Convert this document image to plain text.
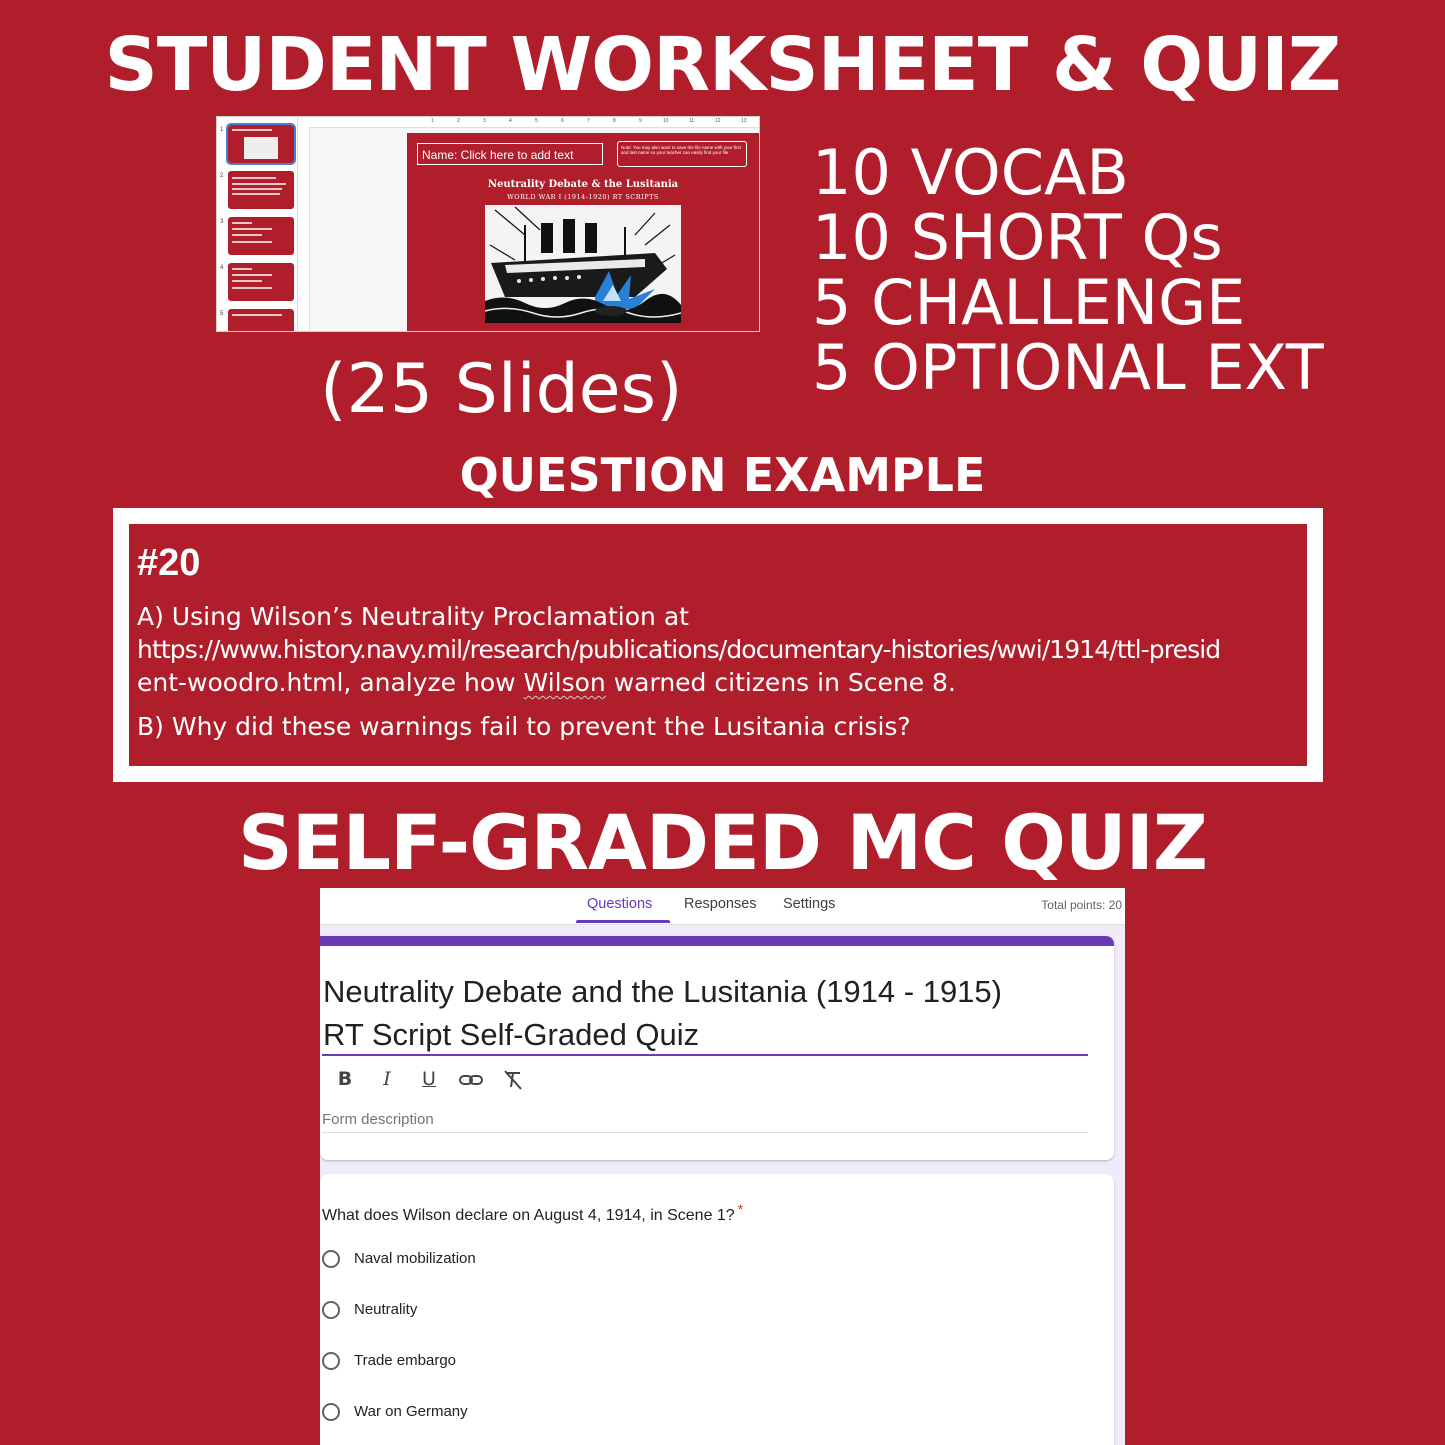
STUDENT WORKSHEET & QUIZ
1
2
3
4
5
1	2	3	4	5	6	7	8	9	10	11	12	13
Name: Click here to add text
Note: You may also want to save the file name with your first and last name so your teacher can easily find your file
Neutrality Debate & the Lusitania
WORLD WAR I (1914-1920) RT SCRIPTS
(25 Slides)
10 VOCAB
10 SHORT Qs
5 CHALLENGE
5 OPTIONAL EXT
QUESTION EXAMPLE
#20
A) Using Wilson’s Neutrality Proclamation at
https://www.history.navy.mil/research/publications/documentary-histories/wwi/1914/ttl-presid
ent-woodro.html, analyze how Wilson warned citizens in Scene 8.
B) Why did these warnings fail to prevent the Lusitania crisis?
SELF-GRADED MC QUIZ
Questions Responses Settings	Total points: 20
Neutrality Debate and the Lusitania (1914 - 1915)
RT Script Self-Graded Quiz
B	I	U
Form description
What does Wilson declare on August 4, 1914, in Scene 1? *
Naval mobilization
Neutrality
Trade embargo
War on Germany
